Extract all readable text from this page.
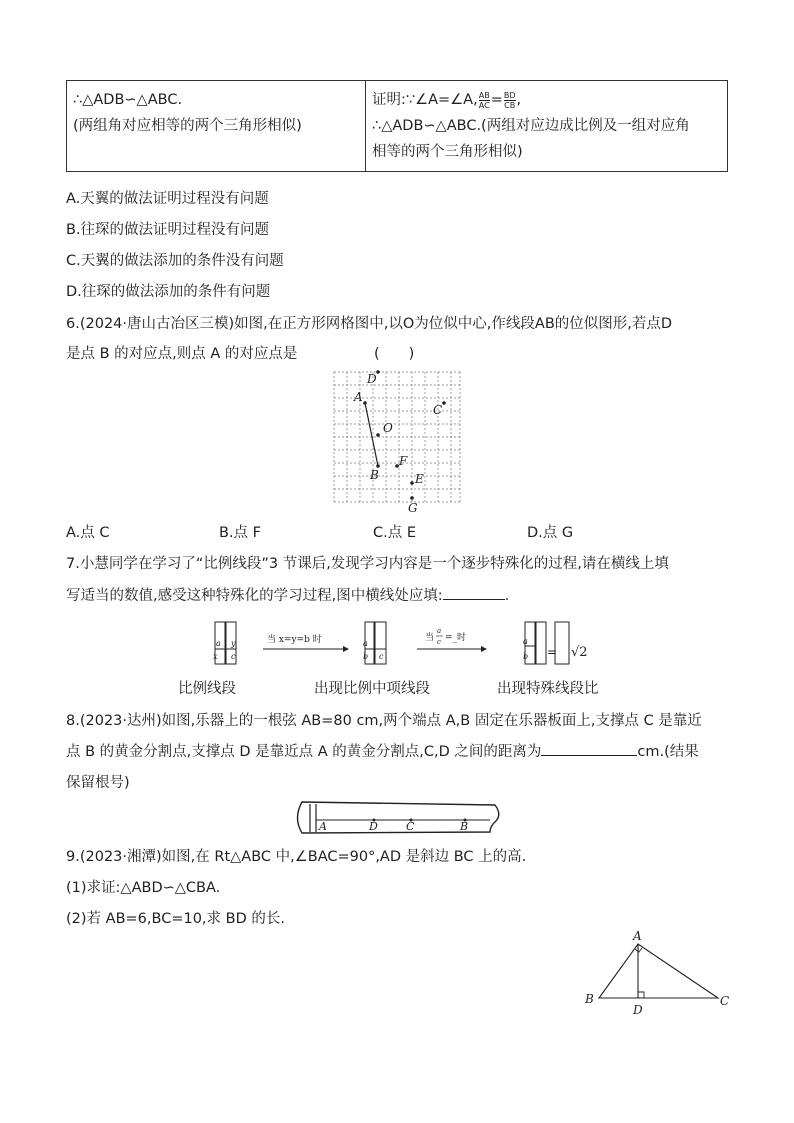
∴△ADB∽△ABC.
(两组角对应相等的两个三角形相似)

证明:∵∠A=∠A, $\frac{AB}{AC} = \frac{BD}{CB}$ ,
∴△ADB∽△ABC.(两组对应边成比例及一组对应角
相等的两个三角形相似)
A.天翼的做法证明过程没有问题
B.往琛的做法证明过程没有问题
C.天翼的做法添加的条件没有问题
D.往琛的做法添加的条件有问题
6.(2024·唐山古冶区三模)如图,在正方形网格图中,以O为位似中心,作线段AB的位似图形,若点D
是点 B 的对应点,则点 A 的对应点是	(　　)
D
A
C
O
F
B	E
G
A.点 C	B.点 F	C.点 E	D.点 G
7.小慧同学在学习了“比例线段”3 节课后,发现学习内容是一个逐步特殊化的过程,请在横线上填
写适当的数值,感受这种特殊化的学习过程,图中横线处应填:	.
a y
x c
当 x=y=b 时	a
b c
当
a
c =_时	a
b = √2
比例线段	出现比例中项线段	出现特殊线段比
8.(2023·达州)如图,乐器上的一根弦 AB=80 cm,两个端点 A,B 固定在乐器板面上,支撑点 C 是靠近
点 B 的黄金分割点,支撑点 D 是靠近点 A 的黄金分割点,C,D 之间的距离为	cm.(结果
保留根号)
A	D	C	B
9.(2023·湘潭)如图,在 Rt△ABC 中,∠BAC=90°,AD 是斜边 BC 上的高.
(1)求证:△ABD∽△CBA.
(2)若 AB=6,BC=10,求 BD 的长.
A
B	C
D
